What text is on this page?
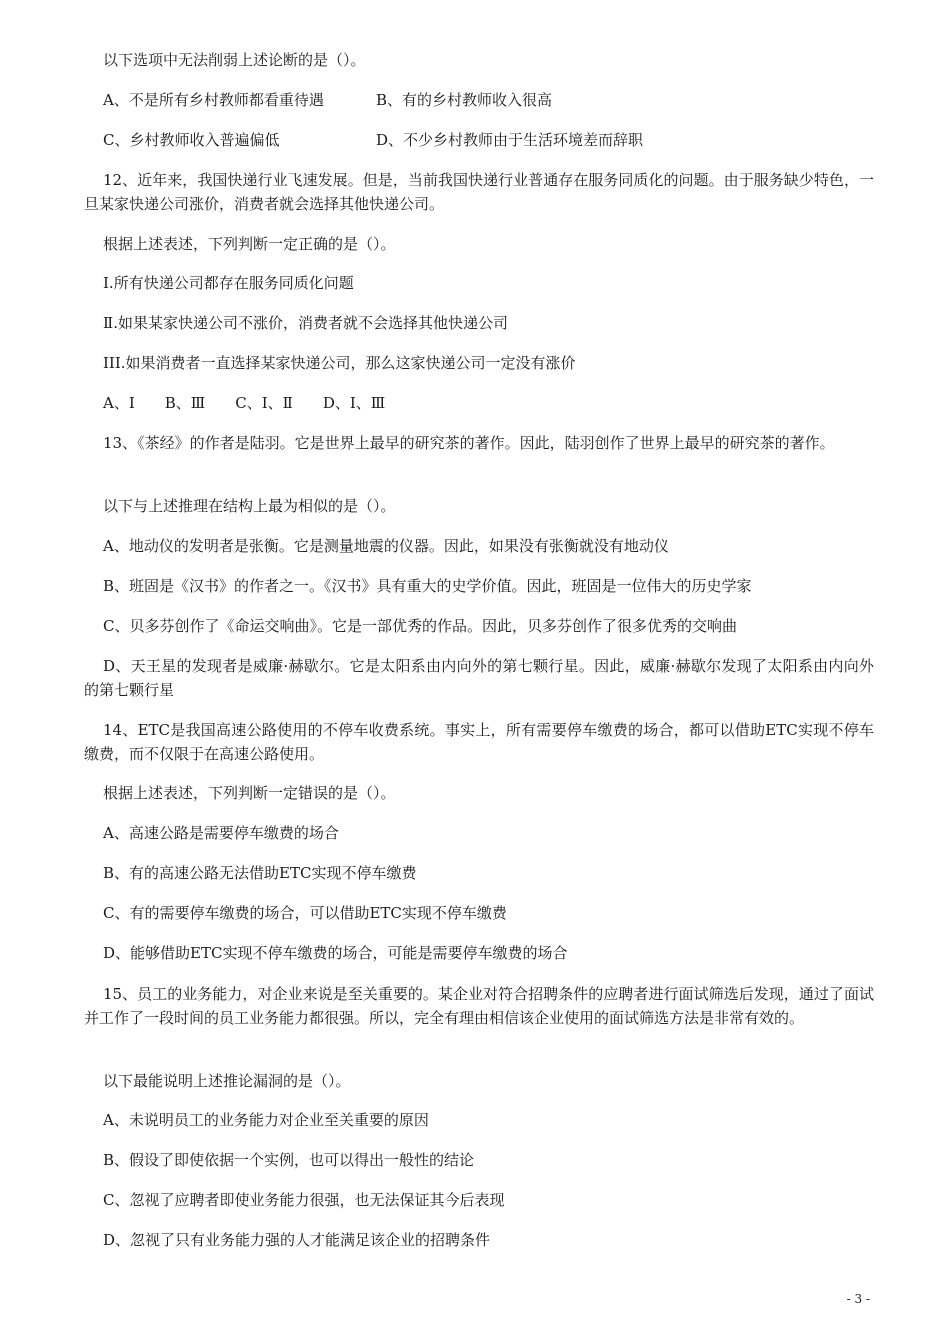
以下选项中无法削弱上述论断的是（）。
A、不是所有乡村教师都看重待遇	B、有的乡村教师收入很高
C、乡村教师收入普遍偏低	D、不少乡村教师由于生活环境差而辞职
12、近年来，我国快递行业飞速发展。但是，当前我国快递行业普通存在服务同质化的问题。由于服务缺少特色，一旦某家快递公司涨价，消费者就会选择其他快递公司。
根据上述表述，下列判断一定正确的是（）。
Ⅰ.所有快递公司都存在服务同质化问题
Ⅱ.如果某家快递公司不涨价，消费者就不会选择其他快递公司
III.如果消费者一直选择某家快递公司，那么这家快递公司一定没有涨价
A、Ⅰ　　B、Ⅲ　　C、Ⅰ、Ⅱ　　D、Ⅰ、Ⅲ
13、《茶经》的作者是陆羽。它是世界上最早的研究茶的著作。因此，陆羽创作了世界上最早的研究茶的著作。
以下与上述推理在结构上最为相似的是（）。
A、地动仪的发明者是张衡。它是测量地震的仪器。因此，如果没有张衡就没有地动仪
B、班固是《汉书》的作者之一。《汉书》具有重大的史学价值。因此，班固是一位伟大的历史学家
C、贝多芬创作了《命运交响曲》。它是一部优秀的作品。因此，贝多芬创作了很多优秀的交响曲
D、天王星的发现者是威廉·赫歇尔。它是太阳系由内向外的第七颗行星。因此，威廉·赫歇尔发现了太阳系由内向外的第七颗行星
14、ETC是我国高速公路使用的不停车收费系统。事实上，所有需要停车缴费的场合，都可以借助ETC实现不停车缴费，而不仅限于在高速公路使用。
根据上述表述，下列判断一定错误的是（）。
A、高速公路是需要停车缴费的场合
B、有的高速公路无法借助ETC实现不停车缴费
C、有的需要停车缴费的场合，可以借助ETC实现不停车缴费
D、能够借助ETC实现不停车缴费的场合，可能是需要停车缴费的场合
15、员工的业务能力，对企业来说是至关重要的。某企业对符合招聘条件的应聘者进行面试筛选后发现，通过了面试并工作了一段时间的员工业务能力都很强。所以，完全有理由相信该企业使用的面试筛选方法是非常有效的。
以下最能说明上述推论漏洞的是（）。
A、未说明员工的业务能力对企业至关重要的原因
B、假设了即使依据一个实例，也可以得出一般性的结论
C、忽视了应聘者即使业务能力很强，也无法保证其今后表现
D、忽视了只有业务能力强的人才能满足该企业的招聘条件
- 3 -
